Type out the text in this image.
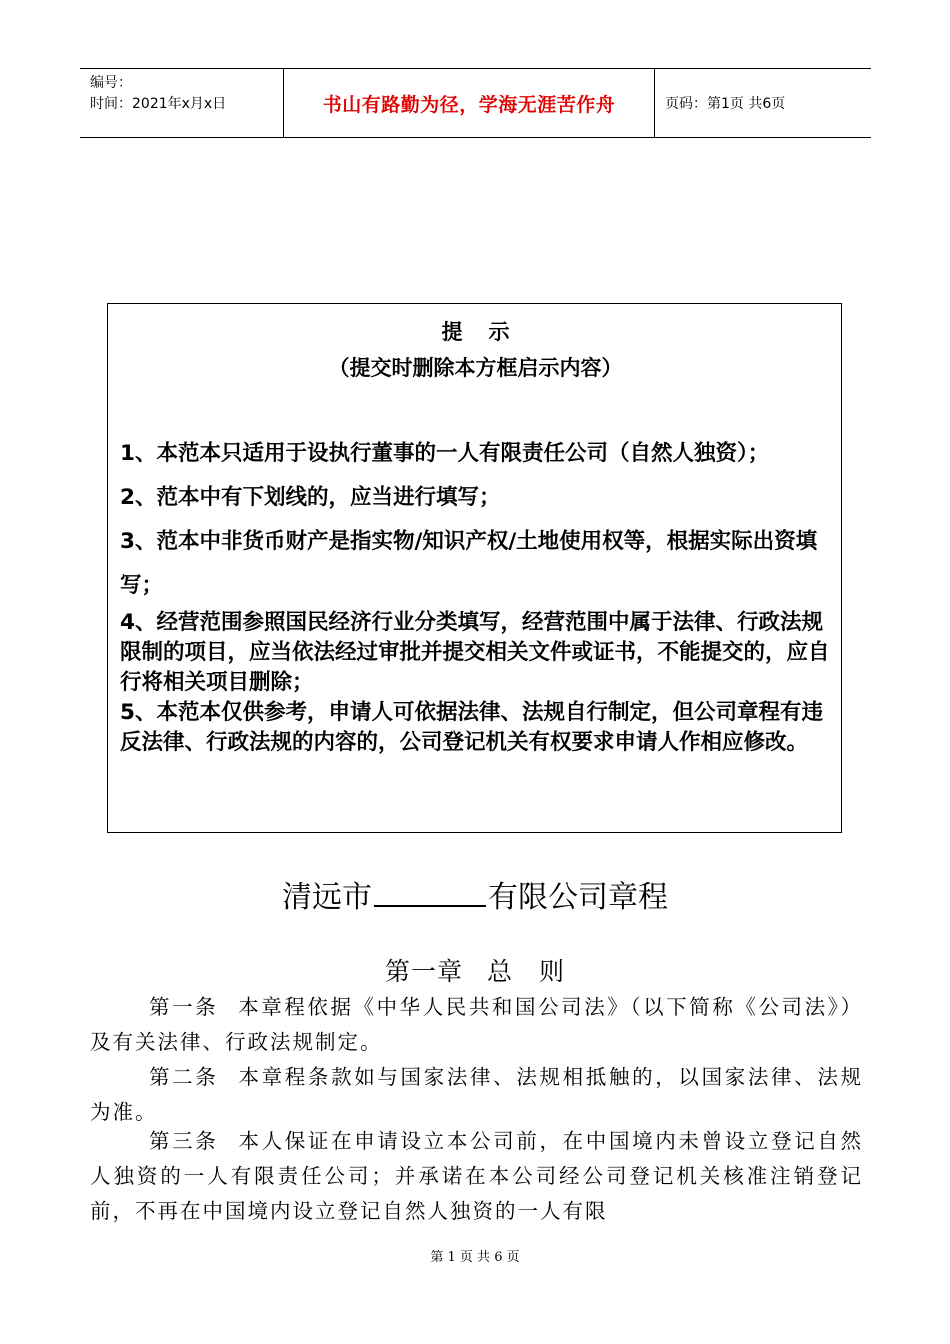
编号：
时间：2021年x月x日	书山有路勤为径，学海无涯苦作舟	页码：第1页 共6页
提示
（提交时删除本方框启示内容）

1、本范本只适用于设执行董事的一人有限责任公司（自然人独资）；

2、范本中有下划线的，应当进行填写；

3、范本中非货币财产是指实物/知识产权/土地使用权等，根据实际出资填写；

4、经营范围参照国民经济行业分类填写，经营范围中属于法律、行政法规限制的项目，应当依法经过审批并提交相关文件或证书，不能提交的，应自行将相关项目删除；

5、本范本仅供参考，申请人可依据法律、法规自行制定，但公司章程有违反法律、行政法规的内容的，公司登记机关有权要求申请人作相应修改。

清远市	有限公司章程
第一章 总　则

第一条 本章程依据《中华人民共和国公司法》（以下简称《公司法》）及有关法律、行政法规制定。

第二条 本章程条款如与国家法律、法规相抵触的，以国家法律、法规为准。

第三条 本人保证在申请设立本公司前，在中国境内未曾设立登记自然人独资的一人有限责任公司；并承诺在本公司经公司登记机关核准注销登记前，不再在中国境内设立登记自然人独资的一人有限

第 1 页 共 6 页
